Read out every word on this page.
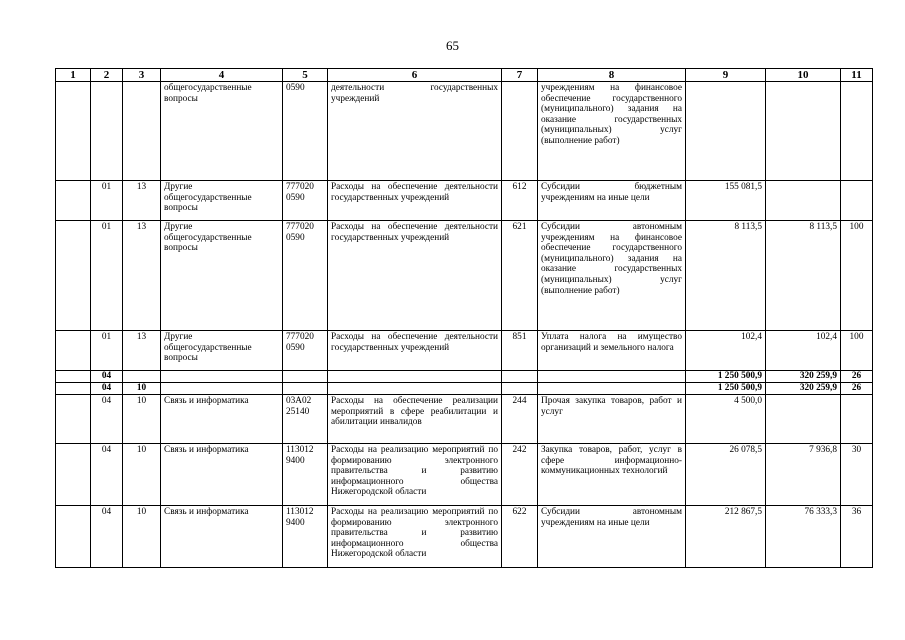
65
1	2	3	4	5	6	7	8	9	10	11
			общегосударственные вопросы	0590	деятельности государственных учреждений		учреждениям на финансовое обеспечение государственного (муниципального) задания на оказание государственных (муниципальных) услуг (выполнение работ)			
	01	13	Другие общегосударственные вопросы	777020 0590	Расходы на обеспечение деятельности государственных учреждений	612	Субсидии бюджетным учреждениям на иные цели	155 081,5		
	01	13	Другие общегосударственные вопросы	777020 0590	Расходы на обеспечение деятельности государственных учреждений	621	Субсидии автономным учреждениям на финансовое обеспечение государственного (муниципального) задания на оказание государственных (муниципальных) услуг (выполнение работ)	8 113,5	8 113,5	100
	01	13	Другие общегосударственные вопросы	777020 0590	Расходы на обеспечение деятельности государственных учреждений	851	Уплата налога на имущество организаций и земельного налога	102,4	102,4	100
	04							1 250 500,9	320 259,9	26
	04	10						1 250 500,9	320 259,9	26
	04	10	Связь и информатика	03А02 25140	Расходы на обеспечение реализации мероприятий в сфере реабилитации и абилитации инвалидов	244	Прочая закупка товаров, работ и услуг	4 500,0		
	04	10	Связь и информатика	113012 9400	Расходы на реализацию мероприятий по формированию электронного правительства и развитию информационного общества Нижегородской области	242	Закупка товаров, работ, услуг в сфере информационно-коммуникационных технологий	26 078,5	7 936,8	30
	04	10	Связь и информатика	113012 9400	Расходы на реализацию мероприятий по формированию электронного правительства и развитию информационного общества Нижегородской области	622	Субсидии автономным учреждениям на иные цели	212 867,5	76 333,3	36
